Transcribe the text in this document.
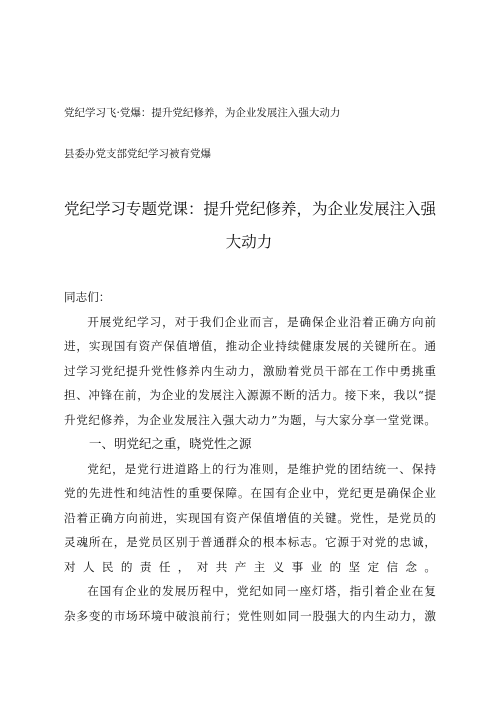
党纪学习飞·党爆：提升党纪修养，为企业发展注入强大动力
县委办党支部党纪学习被育党爆
党纪学习专题党课：提升党纪修养，为企业发展注入强
大动力

同志们：

开展党纪学习，对于我们企业而言，是确保企业沿着正确方向前

进，实现国有资产保值增值，推动企业持续健康发展的关键所在。通
过学习党纪提升党性修养内生动力，激励着党员干部在工作中勇挑重
担、冲锋在前，为企业的发展注入源源不断的活力。接下来，我以“提
升党纪修养，为企业发展注入强大动力”为题，与大家分享一堂党课。

一、明党纪之重，晓党性之源

党纪，是党行进道路上的行为准则，是维护党的团结统一、保持

党的先进性和纯洁性的重要保障。在国有企业中，党纪更是确保企业
沿着正确方向前进，实现国有资产保值增值的关键。党性，是党员的
灵魂所在，是党员区别于普通群众的根本标志。它源于对党的忠诚，
对人民的责任，对共产主义事业的坚定信念。

在国有企业的发展历程中，党纪如同一座灯塔，指引着企业在复

杂多变的市场环境中破浪前行；党性则如同一股强大的内生动力，激
